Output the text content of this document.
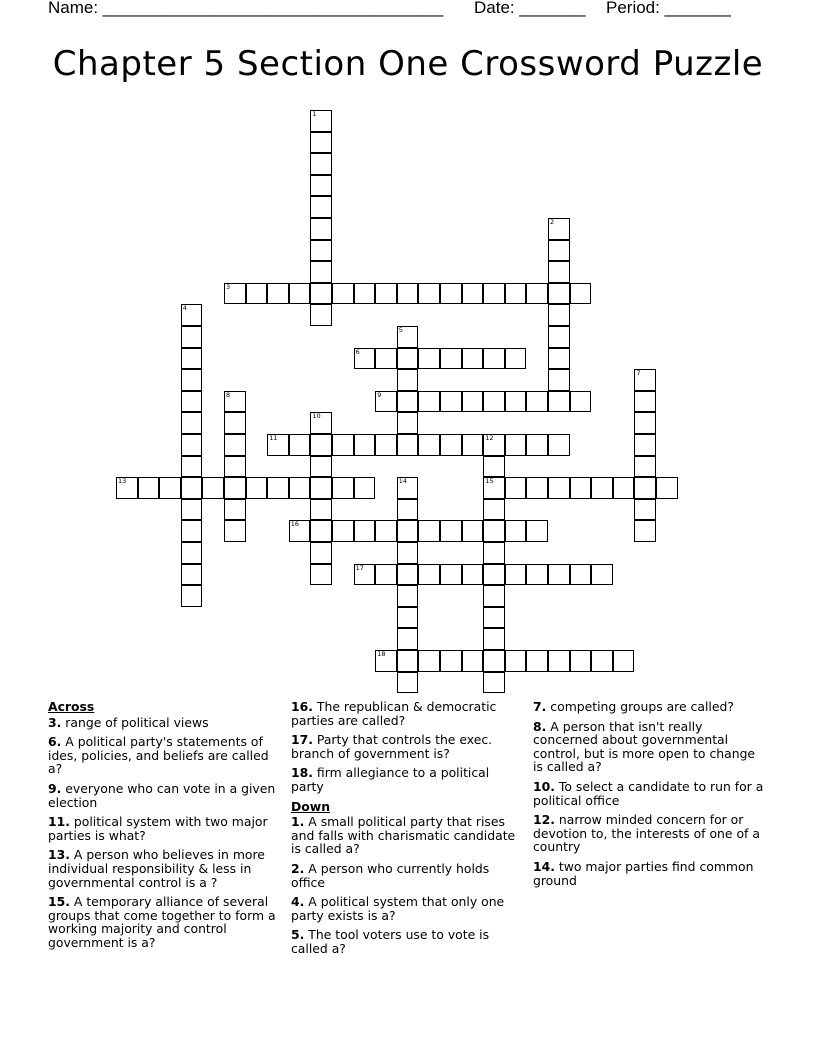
Name: ____________________________________ Date: _______ Period: _______
Chapter 5 Section One Crossword Puzzle
1
2
3
4
5
6
7
8	9
10
11	12
15
13	14
16
17
18
Across
3. range of political views
6. A political party's statements of ides, policies, and beliefs are called a?
9. everyone who can vote in a given election
11. political system with two major parties is what?
13. A person who believes in more individual responsibility & less in governmental control is a ?
15. A temporary alliance of several groups that come together to form a working majority and control government is a?
16. The republican & democratic parties are called?
17. Party that controls the exec. branch of government is?
18. firm allegiance to a political party
Down
1. A small political party that rises and falls with charismatic candidate is called a?
2. A person who currently holds office
4. A political system that only one party exists is a?
5. The tool voters use to vote is called a?
7. competing groups are called?
8. A person that isn't really concerned about governmental control, but is more open to change is called a?
10. To select a candidate to run for a political office
12. narrow minded concern for or devotion to, the interests of one of a country
14. two major parties find common ground
